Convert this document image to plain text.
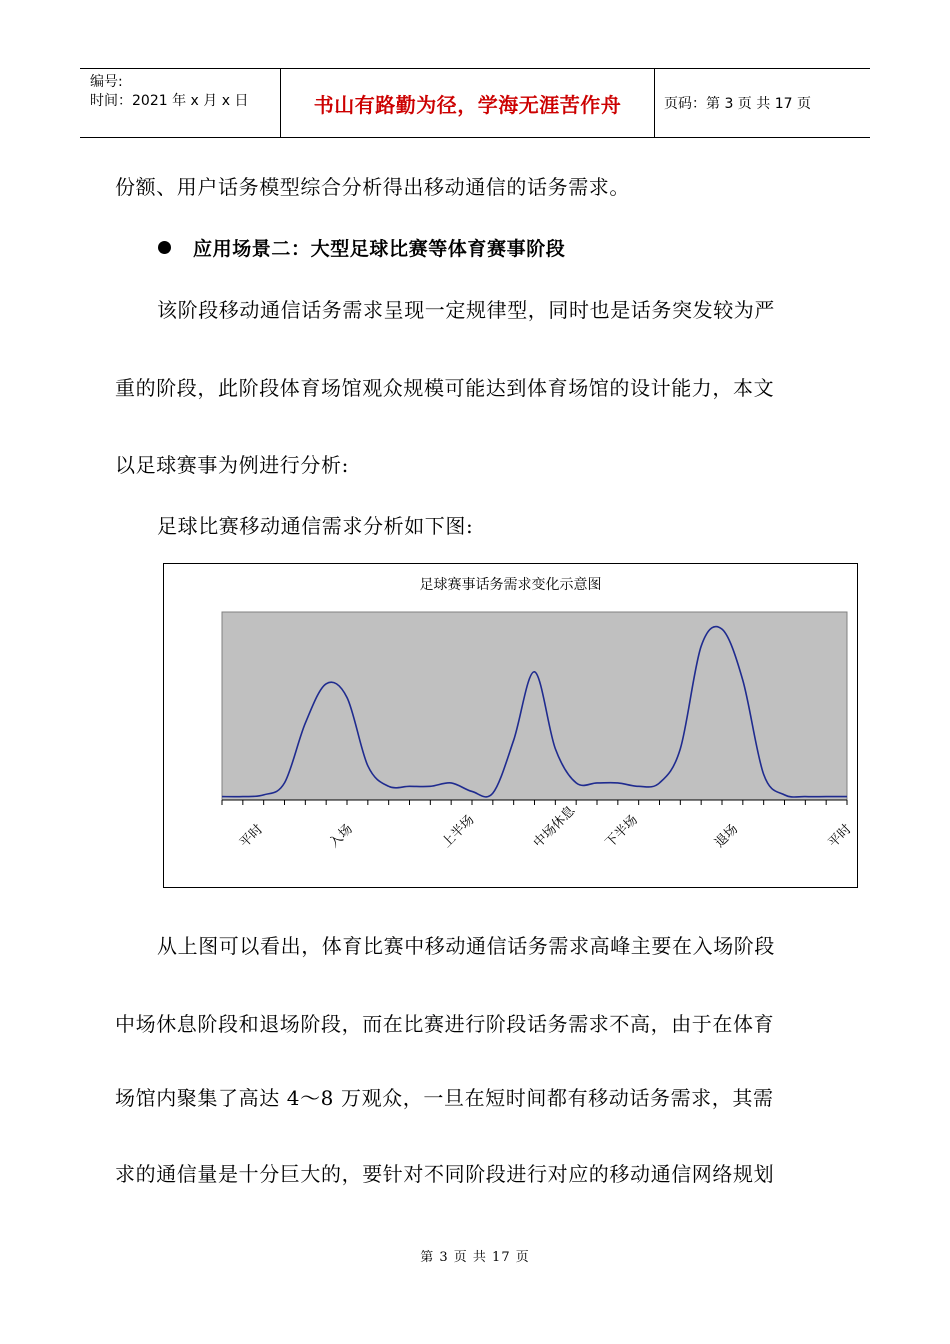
编号:
时间：2021 年 x 月 x 日	书山有路勤为径，学海无涯苦作舟	页码：第 3 页 共 17 页
份额、用户话务模型综合分析得出移动通信的话务需求。
应用场景二：大型足球比赛等体育赛事阶段
该阶段移动通信话务需求呈现一定规律型，同时也是话务突发较为严
重的阶段，此阶段体育场馆观众规模可能达到体育场馆的设计能力，本文
以足球赛事为例进行分析:
足球比赛移动通信需求分析如下图:
足球赛事话务需求变化示意图
平时	入场	上半场	中场休息 下半场	退场	平时
从上图可以看出，体育比赛中移动通信话务需求高峰主要在入场阶段
中场休息阶段和退场阶段，而在比赛进行阶段话务需求不高，由于在体育
场馆内聚集了高达 4～8 万观众，一旦在短时间都有移动话务需求，其需
求的通信量是十分巨大的，要针对不同阶段进行对应的移动通信网络规划
第 3 页 共 17 页
